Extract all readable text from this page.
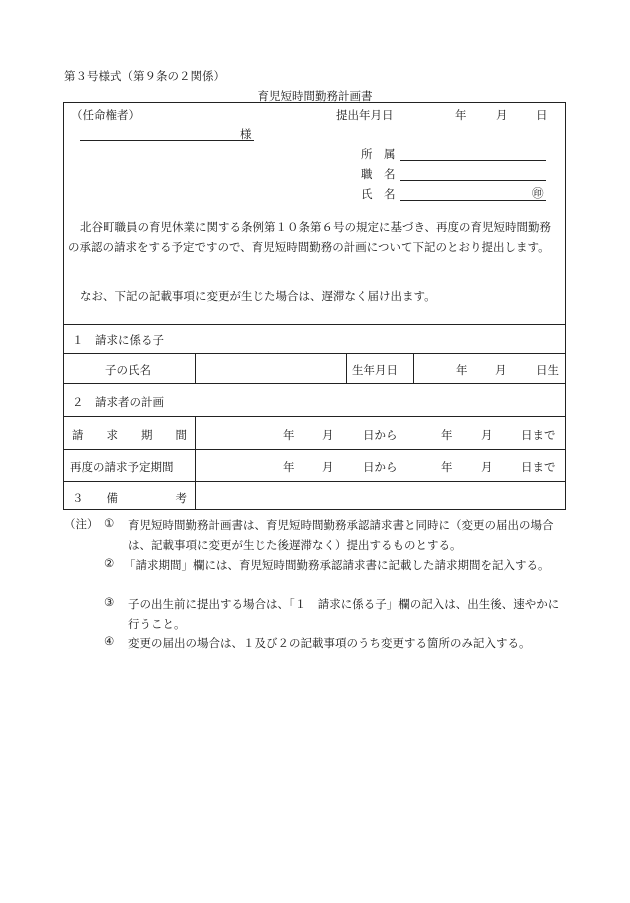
第３号様式（第９条の２関係）
育児短時間勤務計画書
（任命権者）	提出年月日	年	月 日
様
所　属
職　名
氏　名	㊞
北谷町職員の育児休業に関する条例第１０条第６号の規定に基づき、再度の育児短時間勤務の承認の請求をする予定ですので、育児短時間勤務の計画について下記のとおり提出します。
なお、下記の記載事項に変更が生じた場合は、遅滞なく届け出ます。
１　請求に係る子
子の氏名	生年月日	年 月	日生
２　請求者の計画
請　　求　　期　　間	年 月	日から	年 月 日まで
再度の請求予定期間	年 月	日から	年 月 日まで
３　　備　　　　　考
（注） ① 育児短時間勤務計画書は、育児短時間勤務承認請求書と同時に（変更の届出の場合は、記載事項に変更が生じた後遅滞なく）提出するものとする。
② 「請求期間」欄には、育児短時間勤務承認請求書に記載した請求期間を記入する。
③ 子の出生前に提出する場合は、「１　請求に係る子」欄の記入は、出生後、速やかに行うこと。
④ 変更の届出の場合は、１及び２の記載事項のうち変更する箇所のみ記入する。
